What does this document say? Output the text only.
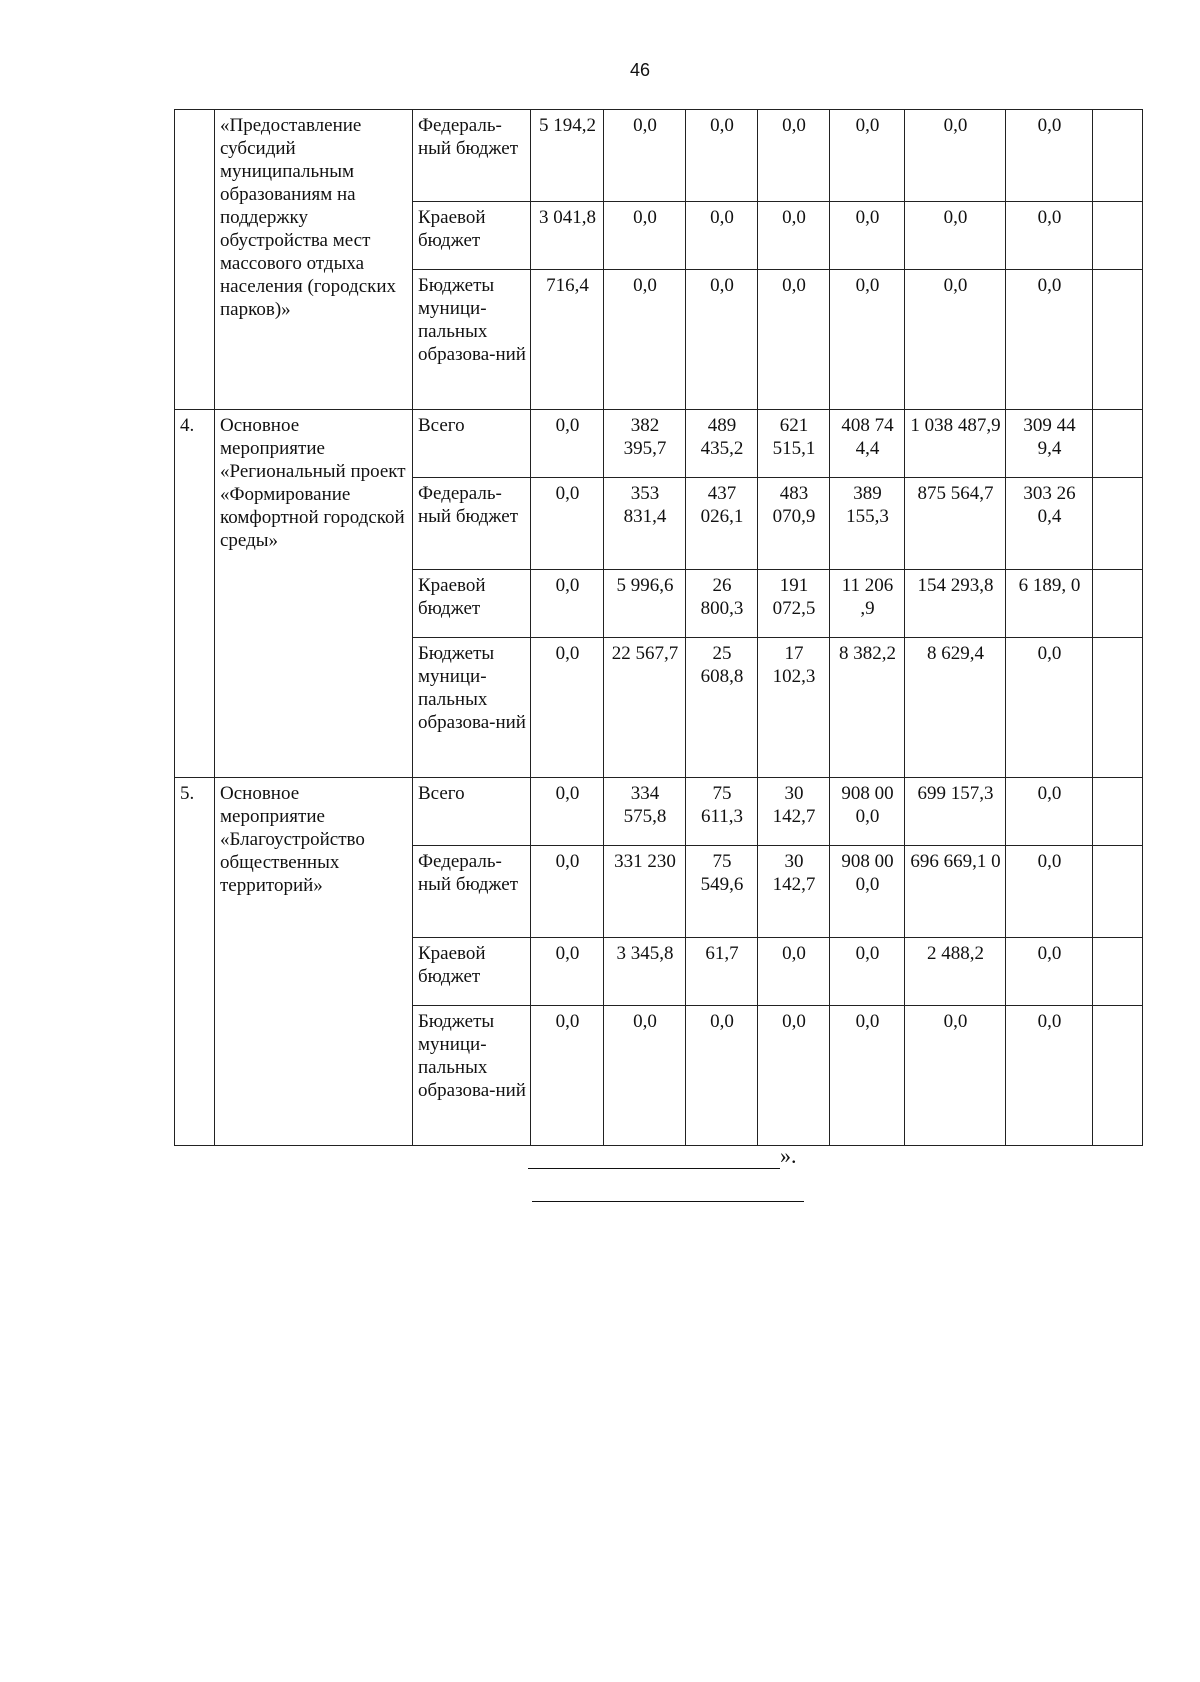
46
	«Предоставление субсидий муниципальным образованиям на поддержку обустройства мест массового отдыха населения (городских парков)»	Федераль-ный бюджет	5 194,2	0,0	0,0	0,0	0,0	0,0	0,0	
		Краевой бюджет	3 041,8	0,0	0,0	0,0	0,0	0,0	0,0	
		Бюджеты муници-пальных образова-ний	716,4	0,0	0,0	0,0	0,0	0,0	0,0	
4.	Основное мероприятие «Региональный проект «Формирование комфортной городской среды»	Всего	0,0	382 395,7	489 435,2	621 515,1	408 74 4,4	1 038 487,9	309 44 9,4	
		Федераль-ный бюджет	0,0	353 831,4	437 026,1	483 070,9	389 155,3	875 564,7	303 26 0,4	
		Краевой бюджет	0,0	5 996,6	26 800,3	191 072,5	11 206 ,9	154 293,8	6 189, 0	
		Бюджеты муници-пальных образова-ний	0,0	22 567,7	25 608,8	17 102,3	8 382,2	8 629,4	0,0	
5.	Основное мероприятие «Благоустройство общественных территорий»	Всего	0,0	334 575,8	75 611,3	30 142,7	908 00 0,0	699 157,3	0,0	
		Федераль-ный бюджет	0,0	331 230	75 549,6	30 142,7	908 00 0,0	696 669,1 0	0,0	
		Краевой бюджет	0,0	3 345,8	61,7	0,0	0,0	2 488,2	0,0	
		Бюджеты муници-пальных образова-ний	0,0	0,0	0,0	0,0	0,0	0,0	0,0	
».
